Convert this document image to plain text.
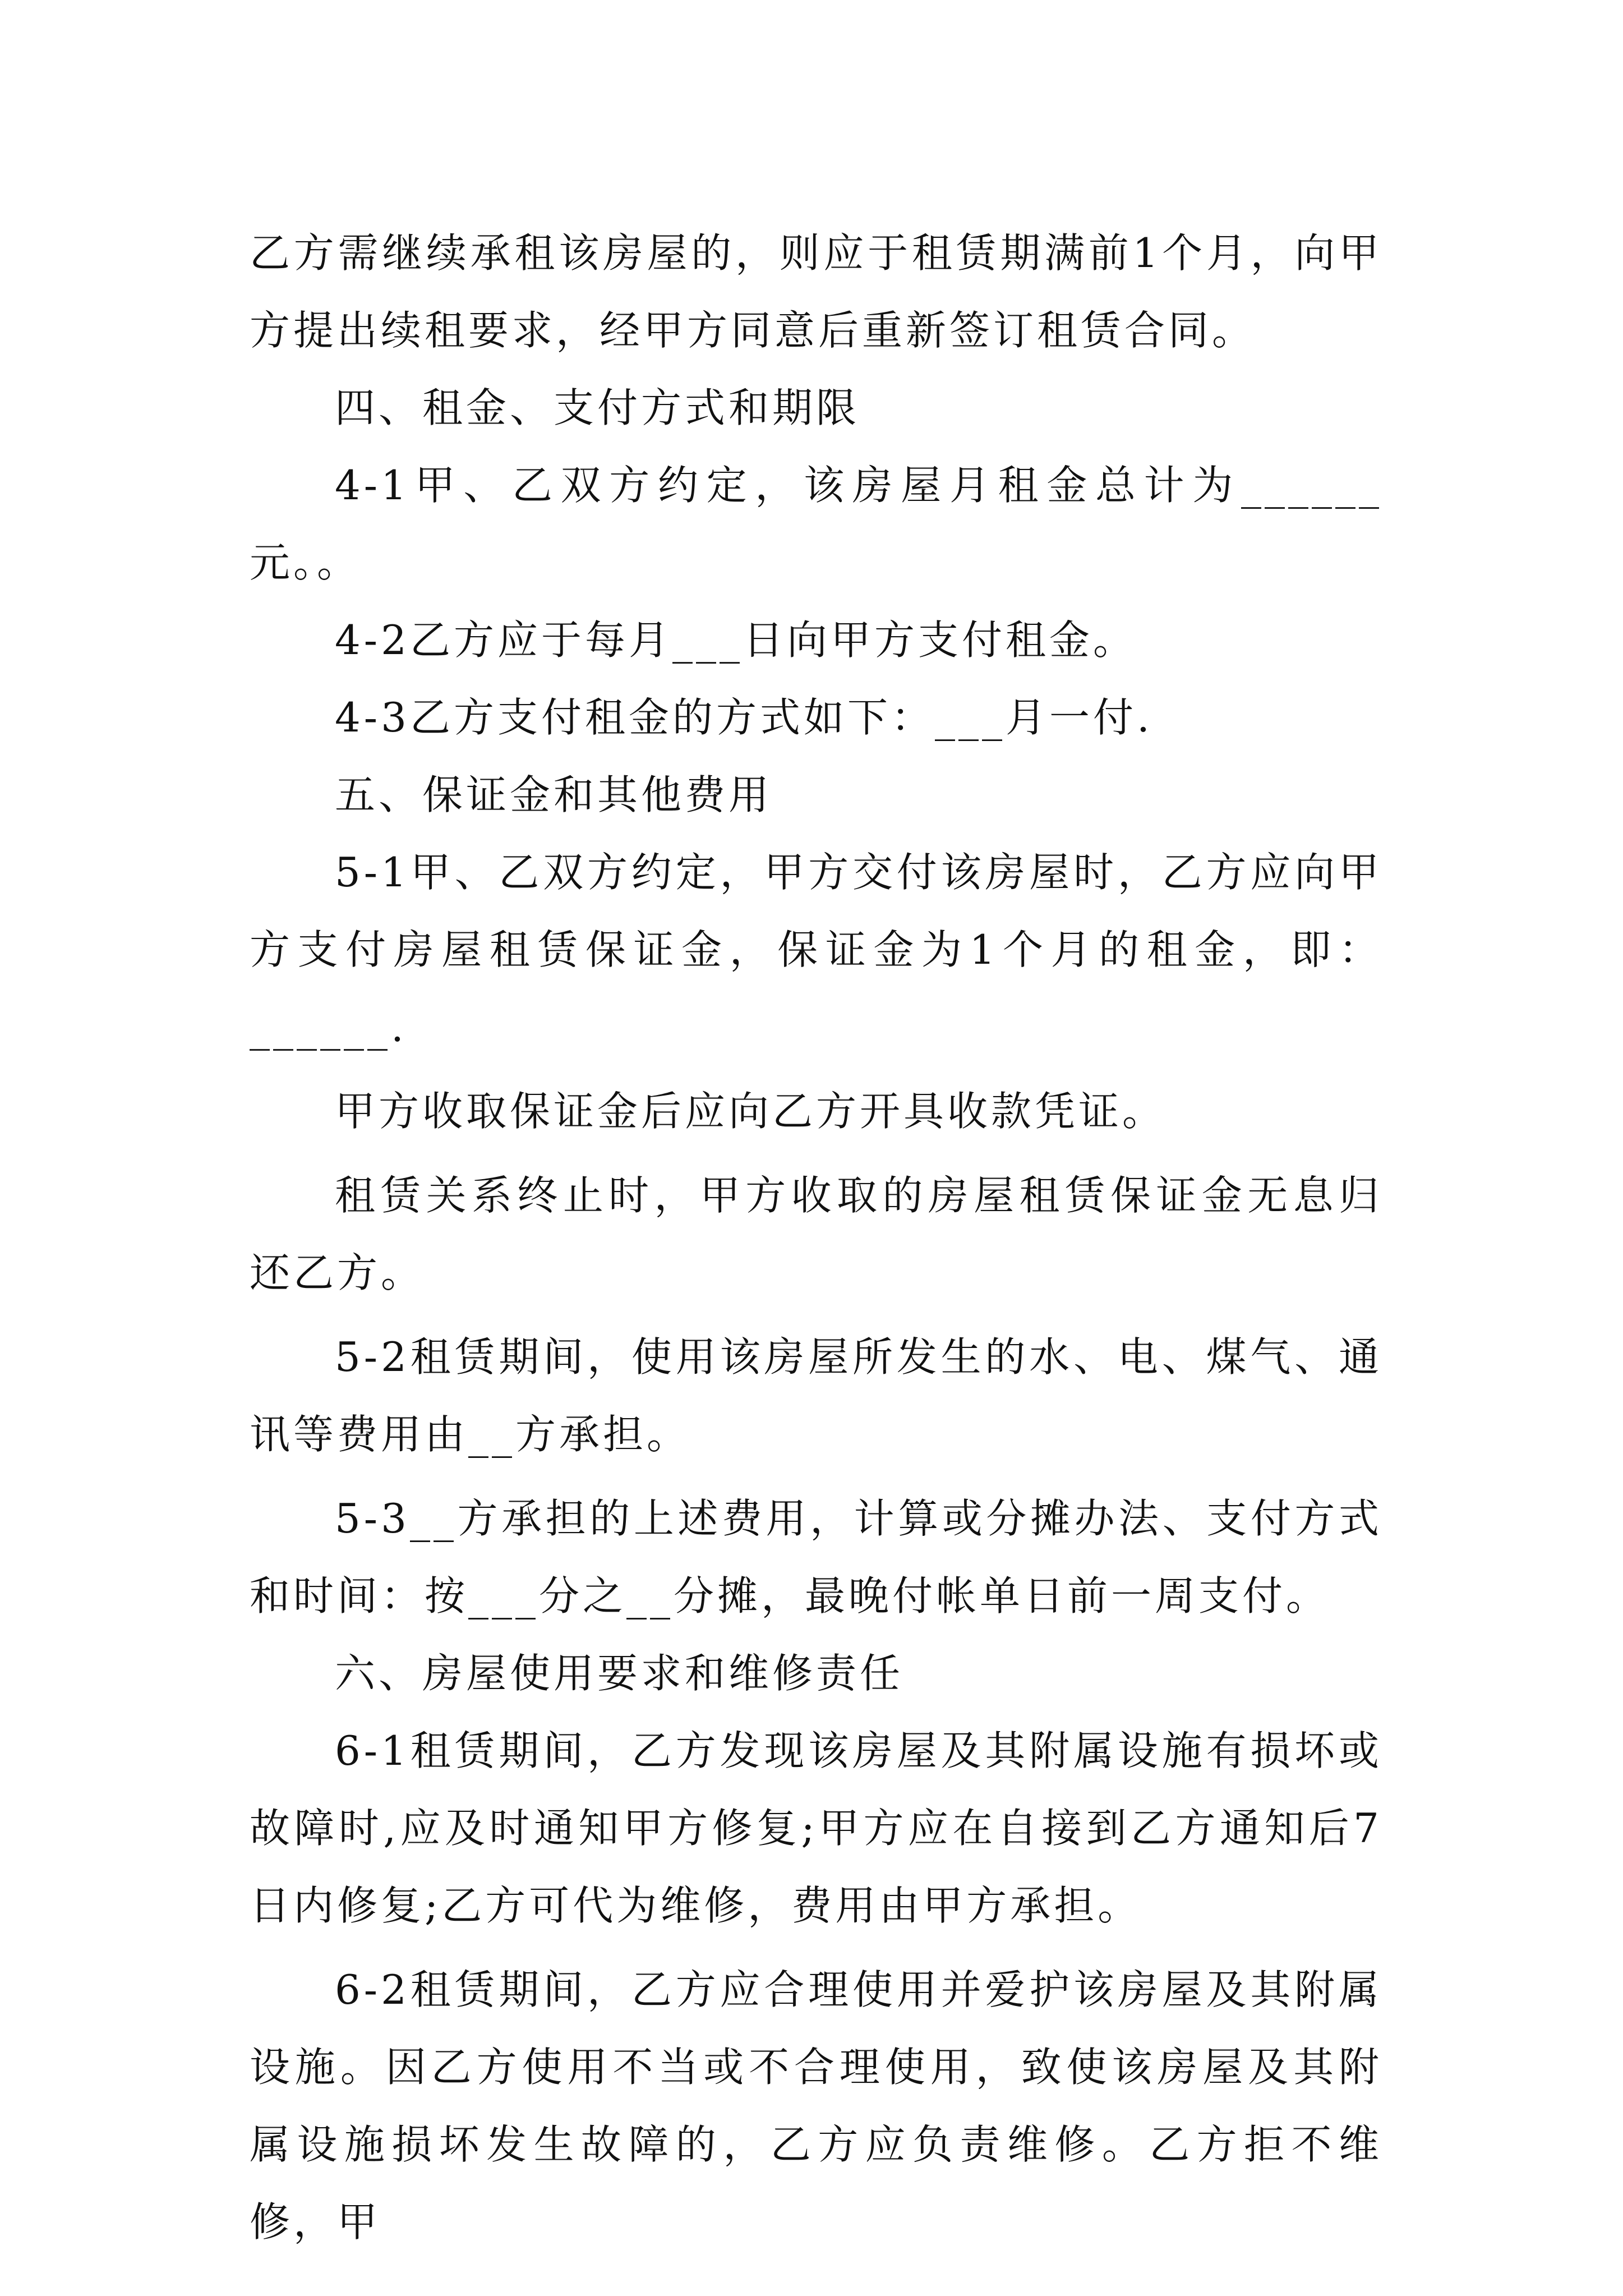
乙方需继续承租该房屋的，则应于租赁期满前1个月，向甲方提出续租要求，经甲方同意后重新签订租赁合同。

四、租金、支付方式和期限

4-1甲、乙双方约定，该房屋月租金总计为______元。。

4-2乙方应于每月___日向甲方支付租金。

4-3乙方支付租金的方式如下：___月一付.

五、保证金和其他费用

5-1甲、乙双方约定，甲方交付该房屋时，乙方应向甲方支付房屋租赁保证金，保证金为1个月的租金，即：______.

甲方收取保证金后应向乙方开具收款凭证。

租赁关系终止时，甲方收取的房屋租赁保证金无息归还乙方。

5-2租赁期间，使用该房屋所发生的水、电、煤气、通讯等费用由__方承担。

5-3__方承担的上述费用，计算或分摊办法、支付方式和时间：按___分之__分摊，最晚付帐单日前一周支付。

六、房屋使用要求和维修责任

6-1租赁期间，乙方发现该房屋及其附属设施有损坏或故障时,应及时通知甲方修复;甲方应在自接到乙方通知后7日内修复;乙方可代为维修，费用由甲方承担。

6-2租赁期间，乙方应合理使用并爱护该房屋及其附属设施。因乙方使用不当或不合理使用，致使该房屋及其附属设施损坏发生故障的，乙方应负责维修。乙方拒不维修，甲
